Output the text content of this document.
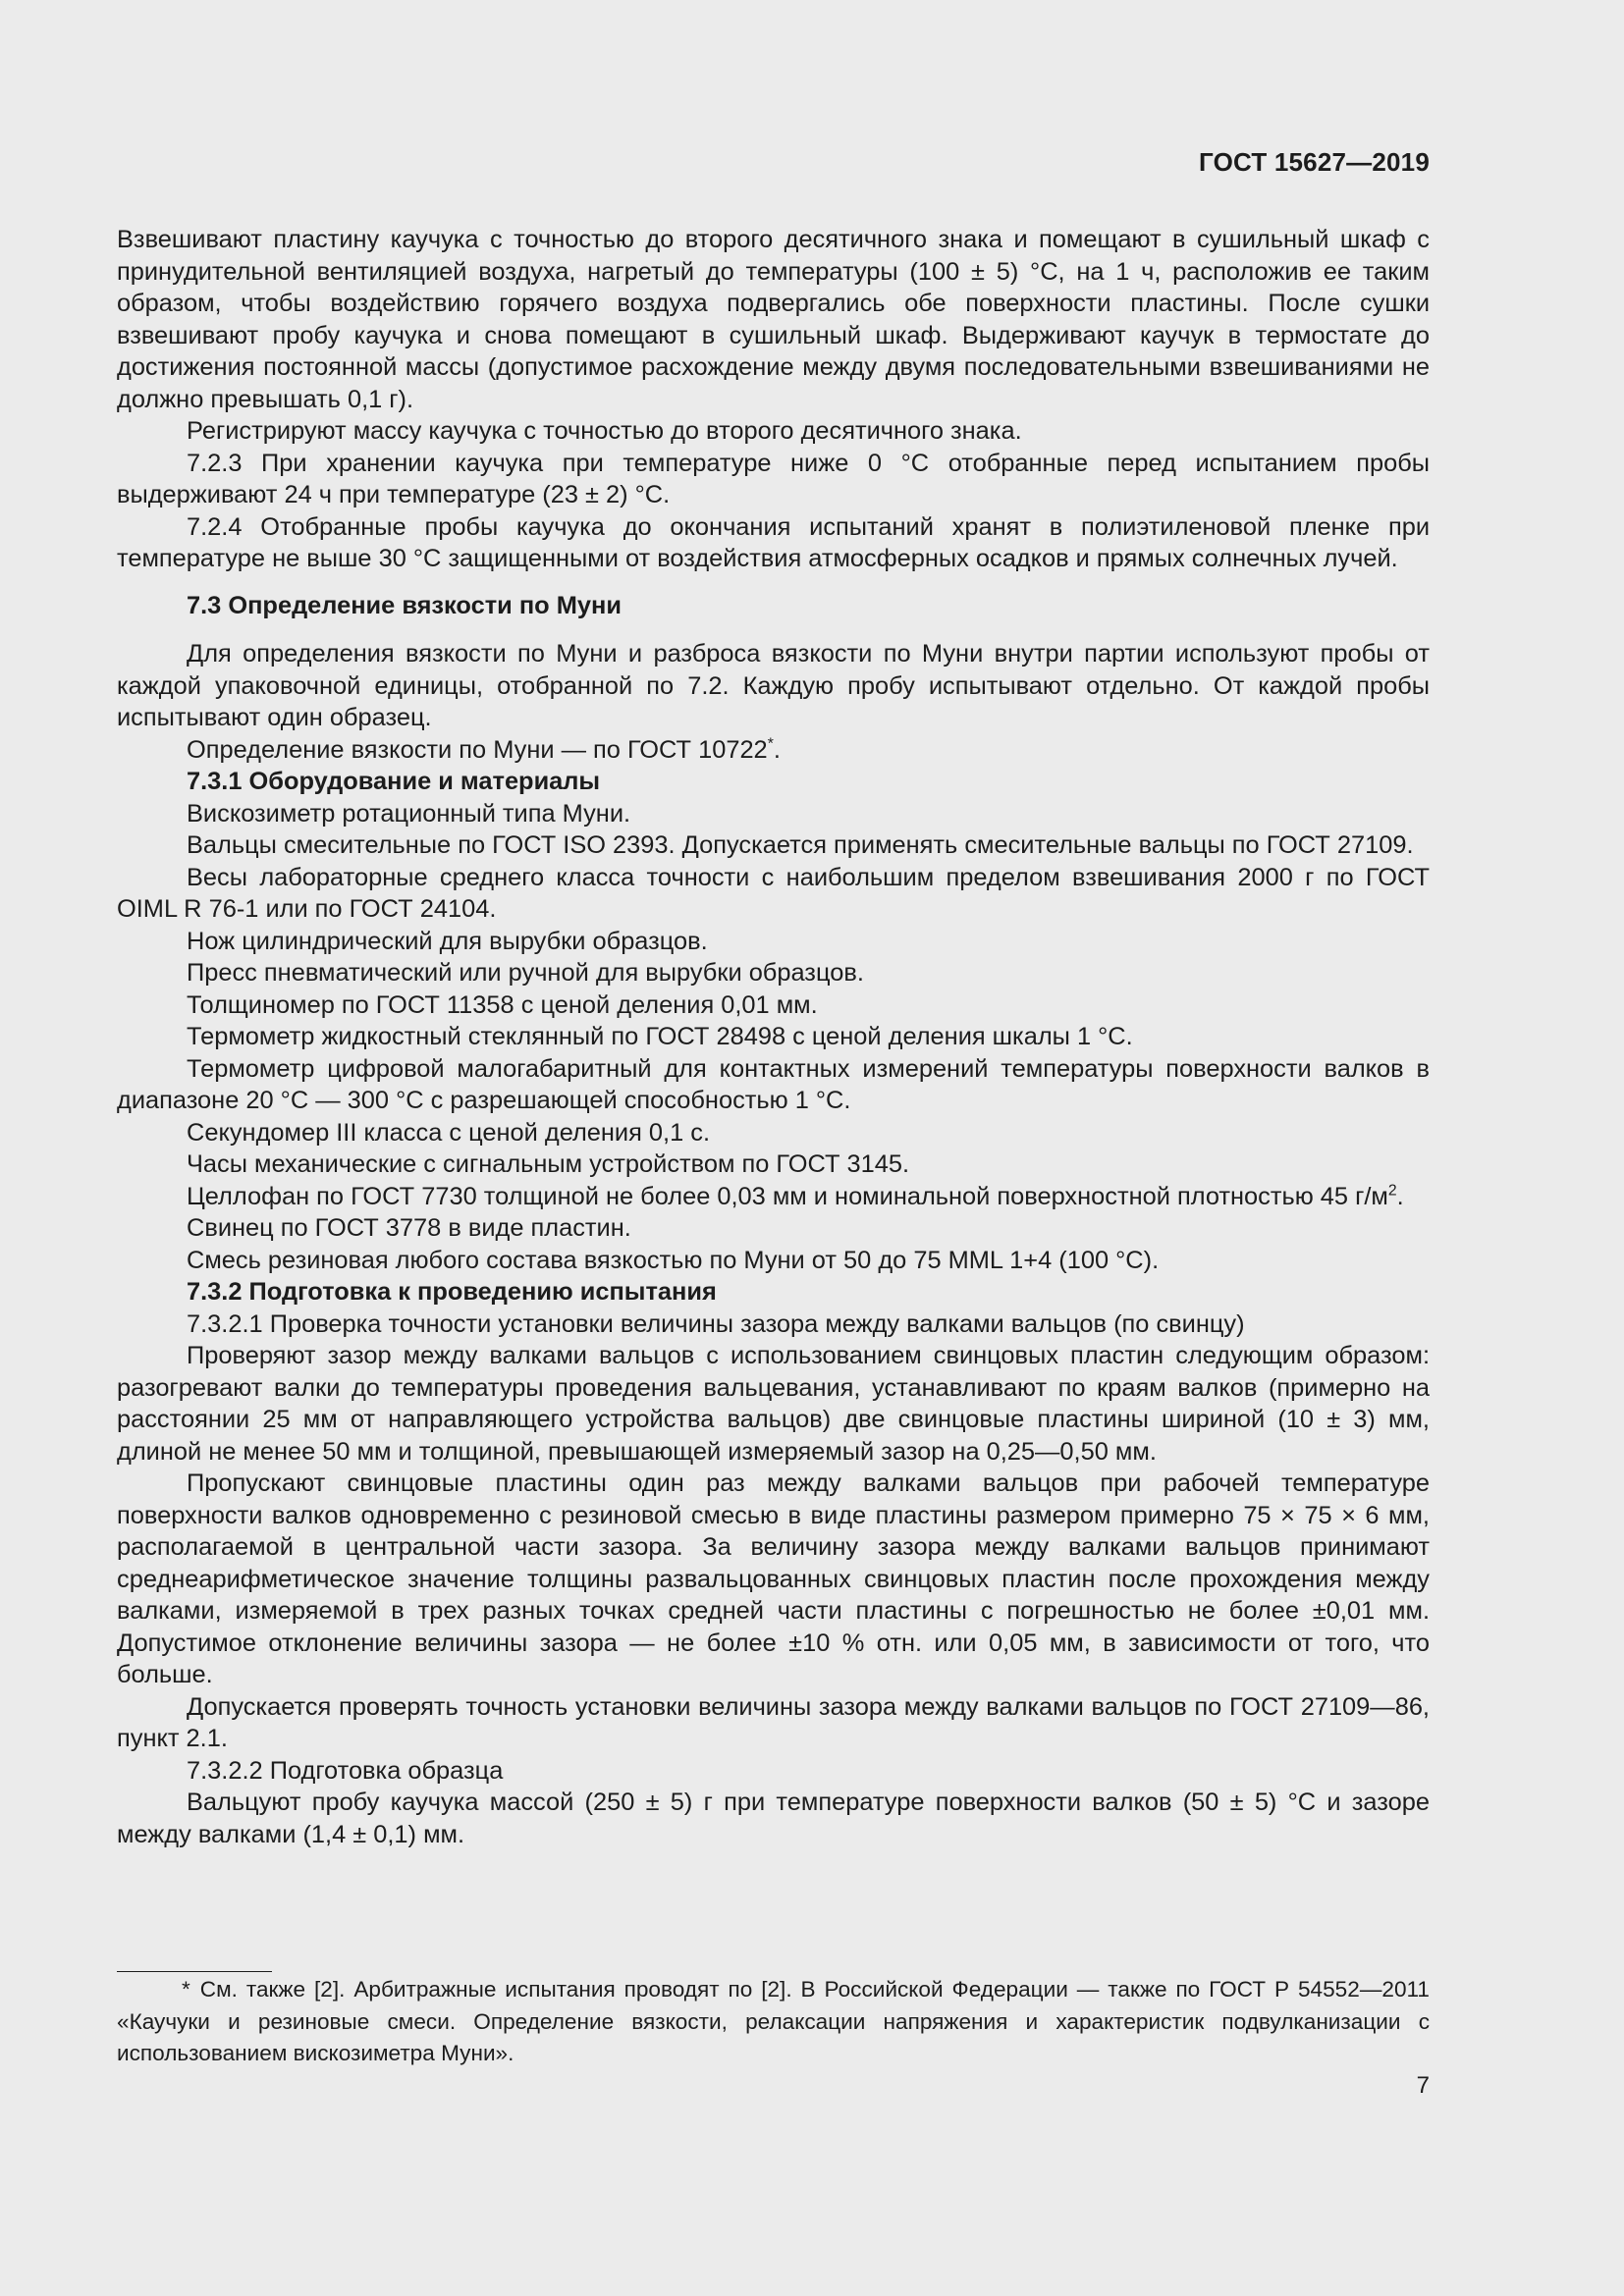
ГОСТ 15627—2019

Взвешивают пластину каучука с точностью до второго десятичного знака и помещают в сушильный шкаф с принудительной вентиляцией воздуха, нагретый до температуры (100 ± 5) °С, на 1 ч, расположив ее таким образом, чтобы воздействию горячего воздуха подвергались обе поверхности пластины. После сушки взвешивают пробу каучука и снова помещают в сушильный шкаф. Выдерживают каучук в термостате до достижения постоянной массы (допустимое расхождение между двумя последовательными взвешиваниями не должно превышать 0,1 г).

Регистрируют массу каучука с точностью до второго десятичного знака.

7.2.3 При хранении каучука при температуре ниже 0 °С отобранные перед испытанием пробы выдерживают 24 ч при температуре (23 ± 2) °С.

7.2.4 Отобранные пробы каучука до окончания испытаний хранят в полиэтиленовой пленке при температуре не выше 30 °С защищенными от воздействия атмосферных осадков и прямых солнечных лучей.

7.3 Определение вязкости по Муни

Для определения вязкости по Муни и разброса вязкости по Муни внутри партии используют пробы от каждой упаковочной единицы, отобранной по 7.2. Каждую пробу испытывают отдельно. От каждой пробы испытывают один образец.

Определение вязкости по Муни — по ГОСТ 10722*.

7.3.1 Оборудование и материалы

Вискозиметр ротационный типа Муни.

Вальцы смесительные по ГОСТ ISO 2393. Допускается применять смесительные вальцы по ГОСТ 27109.

Весы лабораторные среднего класса точности с наибольшим пределом взвешивания 2000 г по ГОСТ OIML R 76-1 или по ГОСТ 24104.

Нож цилиндрический для вырубки образцов.

Пресс пневматический или ручной для вырубки образцов.

Толщиномер по ГОСТ 11358 с ценой деления 0,01 мм.

Термометр жидкостный стеклянный по ГОСТ 28498 с ценой деления шкалы 1 °С.

Термометр цифровой малогабаритный для контактных измерений температуры поверхности валков в диапазоне 20 °С — 300 °С с разрешающей способностью 1 °С.

Секундомер III класса с ценой деления 0,1 с.

Часы механические с сигнальным устройством по ГОСТ 3145.

Целлофан по ГОСТ 7730 толщиной не более 0,03 мм и номинальной поверхностной плотностью 45 $г/м^2$.

Свинец по ГОСТ 3778 в виде пластин.

Смесь резиновая любого состава вязкостью по Муни от 50 до 75 MML 1+4 (100 °С).

7.3.2 Подготовка к проведению испытания

7.3.2.1 Проверка точности установки величины зазора между валками вальцов (по свинцу)

Проверяют зазор между валками вальцов с использованием свинцовых пластин следующим образом: разогревают валки до температуры проведения вальцевания, устанавливают по краям валков (примерно на расстоянии 25 мм от направляющего устройства вальцов) две свинцовые пластины шириной (10 ± 3) мм, длиной не менее 50 мм и толщиной, превышающей измеряемый зазор на 0,25—0,50 мм.

Пропускают свинцовые пластины один раз между валками вальцов при рабочей температуре поверхности валков одновременно с резиновой смесью в виде пластины размером примерно 75 × 75 × 6 мм, располагаемой в центральной части зазора. За величину зазора между валками вальцов принимают среднеарифметическое значение толщины развальцованных свинцовых пластин после прохождения между валками, измеряемой в трех разных точках средней части пластины с погрешностью не более ±0,01 мм. Допустимое отклонение величины зазора — не более ±10 % отн. или 0,05 мм, в зависимости от того, что больше.

Допускается проверять точность установки величины зазора между валками вальцов по ГОСТ 27109—86, пункт 2.1.

7.3.2.2 Подготовка образца

Вальцуют пробу каучука массой (250 ± 5) г при температуре поверхности валков (50 ± 5) °С и зазоре между валками (1,4 ± 0,1) мм.

* См. также [2]. Арбитражные испытания проводят по [2]. В Российской Федерации — также по ГОСТ Р 54552—2011 «Каучуки и резиновые смеси. Определение вязкости, релаксации напряжения и характеристик подвулканизации с использованием вискозиметра Муни».

7
